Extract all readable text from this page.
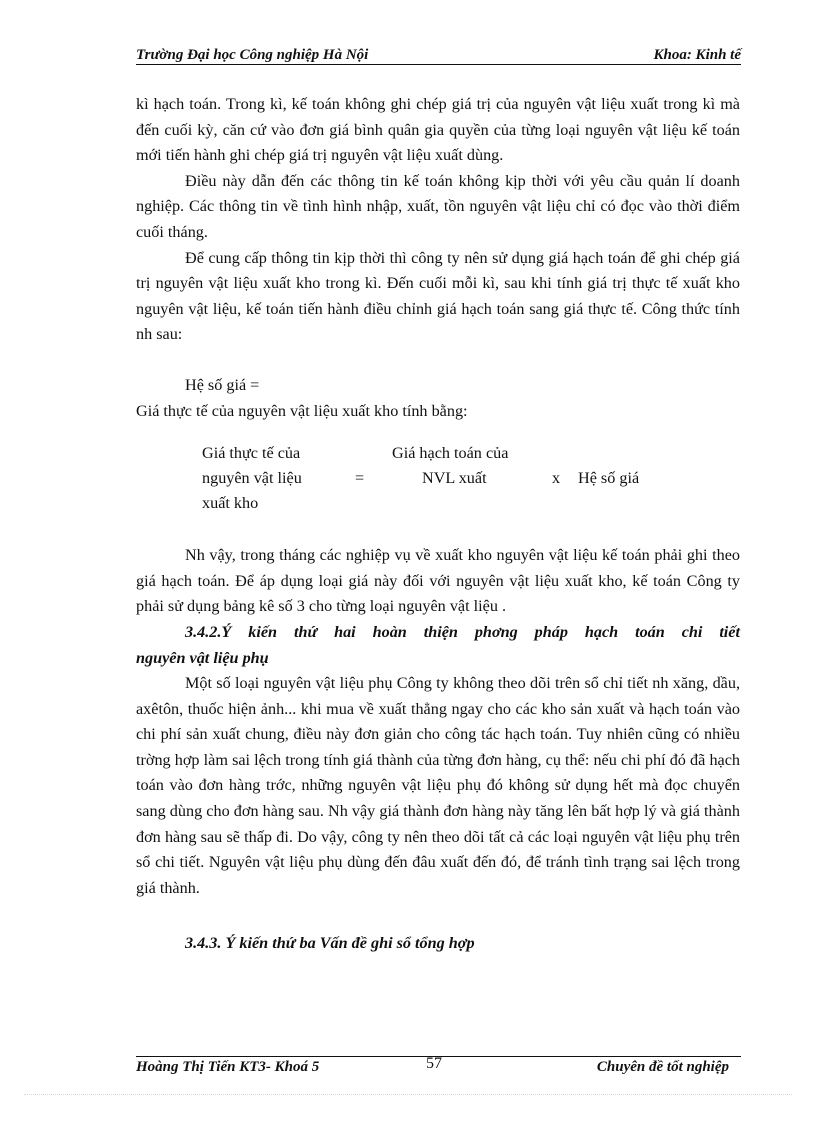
Trường Đại học Công nghiệp Hà Nội	Khoa: Kinh tế

kì hạch toán. Trong kì, kế toán không ghi chép giá trị của nguyên vật liệu xuất trong kì mà đến cuối kỳ, căn cứ vào đơn giá bình quân gia quyền của từng loại nguyên vật liệu kế toán mới tiến hành ghi chép giá trị nguyên vật liệu xuất dùng.

Điều này dẫn đến các thông tin kế toán không kịp thời với yêu cầu quản lí doanh nghiệp. Các thông tin về tình hình nhập, xuất, tồn nguyên vật liệu chỉ có đọc vào thời điểm cuối tháng.

Để cung cấp thông tin kịp thời thì công ty nên sử dụng giá hạch toán để ghi chép giá trị nguyên vật liệu xuất kho trong kì. Đến cuối mỗi kì, sau khi tính giá trị thực tế xuất kho nguyên vật liệu, kế toán tiến hành điều chỉnh giá hạch toán sang giá thực tế. Công thức tính nh sau:

Hệ số giá =

Giá thực tế của nguyên vật liệu xuất kho tính bằng:

Giá thực tế của
nguyên vật liệu
xuất kho
=
Giá hạch toán của
NVL xuất	x Hệ số giá

Nh vậy, trong tháng các nghiệp vụ về xuất kho nguyên vật liệu kế toán phải ghi theo giá hạch toán. Để áp dụng loại giá này đối với nguyên vật liệu xuất kho, kế toán Công ty phải sử dụng bảng kê số 3 cho từng loại nguyên vật liệu .

3.4.2.Ý kiến thứ hai hoàn thiện phơng pháp hạch toán chi tiết

nguyên vật liệu phụ

Một số loại nguyên vật liệu phụ Công ty không theo dõi trên sổ chỉ tiết nh xăng, dầu, axêtôn, thuốc hiện ảnh... khi mua về xuất thẳng ngay cho các kho sản xuất và hạch toán vào chi phí sản xuất chung, điều này đơn giản cho công tác hạch toán. Tuy nhiên cũng có nhiều trờng hợp làm sai lệch trong tính giá thành của từng đơn hàng, cụ thể: nếu chi phí đó đã hạch toán vào đơn hàng trớc, những nguyên vật liệu phụ đó không sử dụng hết mà đọc chuyển sang dùng cho đơn hàng sau. Nh vậy giá thành đơn hàng này tăng lên bất hợp lý và giá thành đơn hàng sau sẽ thấp đi. Do vậy, công ty nên theo dõi tất cả các loại nguyên vật liệu phụ trên sổ chi tiết. Nguyên vật liệu phụ dùng đến đâu xuất đến đó, để tránh tình trạng sai lệch trong giá thành.

3.4.3. Ý kiến thứ ba Vấn đề ghi sổ tổng hợp

Hoàng Thị Tiến KT3- Khoá 5	57	Chuyên đề tốt nghiệp
